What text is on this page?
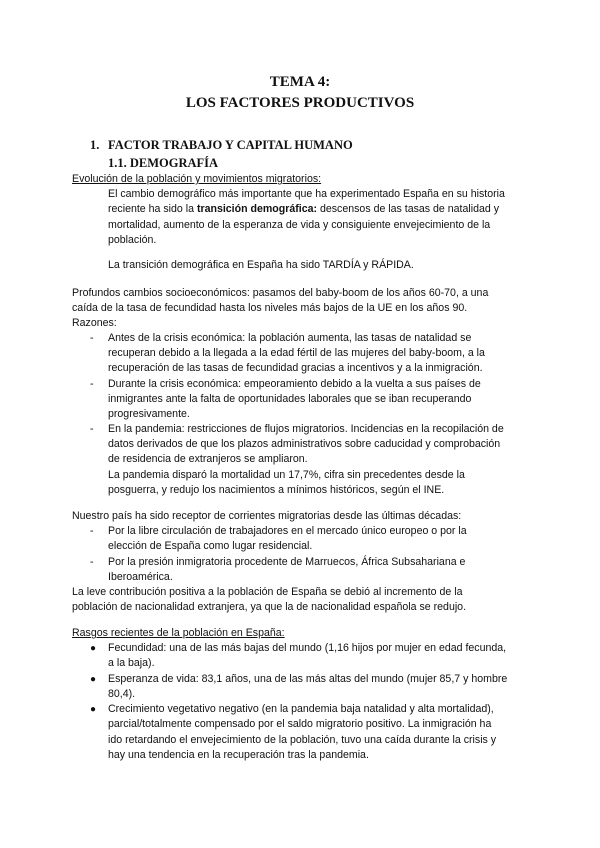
TEMA 4:
LOS FACTORES PRODUCTIVOS
1. FACTOR TRABAJO Y CAPITAL HUMANO
1.1. DEMOGRAFÍA
Evolución de la población y movimientos migratorios:
El cambio demográfico más importante que ha experimentado España en su historia
reciente ha sido la transición demográfica: descensos de las tasas de natalidad y
mortalidad, aumento de la esperanza de vida y consiguiente envejecimiento de la
población.
La transición demográfica en España ha sido TARDÍA y RÁPIDA.
Profundos cambios socioeconómicos: pasamos del baby-boom de los años 60-70, a una
caída de la tasa de fecundidad hasta los niveles más bajos de la UE en los años 90.
Razones:
- Antes de la crisis económica: la población aumenta, las tasas de natalidad se
recuperan debido a la llegada a la edad fértil de las mujeres del baby-boom, a la
recuperación de las tasas de fecundidad gracias a incentivos y a la inmigración.
- Durante la crisis económica: empeoramiento debido a la vuelta a sus países de
inmigrantes ante la falta de oportunidades laborales que se iban recuperando
progresivamente.
- En la pandemia: restricciones de flujos migratorios. Incidencias en la recopilación de
datos derivados de que los plazos administrativos sobre caducidad y comprobación
de residencia de extranjeros se ampliaron.
La pandemia disparó la mortalidad un 17,7%, cifra sin precedentes desde la
posguerra, y redujo los nacimientos a mínimos históricos, según el INE.
Nuestro país ha sido receptor de corrientes migratorias desde las últimas décadas:
- Por la libre circulación de trabajadores en el mercado único europeo o por la
elección de España como lugar residencial.
- Por la presión inmigratoria procedente de Marruecos, África Subsahariana e
Iberoamérica.
La leve contribución positiva a la población de España se debió al incremento de la
población de nacionalidad extranjera, ya que la de nacionalidad española se redujo.
Rasgos recientes de la población en España:
● Fecundidad: una de las más bajas del mundo (1,16 hijos por mujer en edad fecunda,
a la baja).
● Esperanza de vida: 83,1 años, una de las más altas del mundo (mujer 85,7 y hombre
80,4).
● Crecimiento vegetativo negativo (en la pandemia baja natalidad y alta mortalidad),
parcial/totalmente compensado por el saldo migratorio positivo. La inmigración ha
ido retardando el envejecimiento de la población, tuvo una caída durante la crisis y
hay una tendencia en la recuperación tras la pandemia.
